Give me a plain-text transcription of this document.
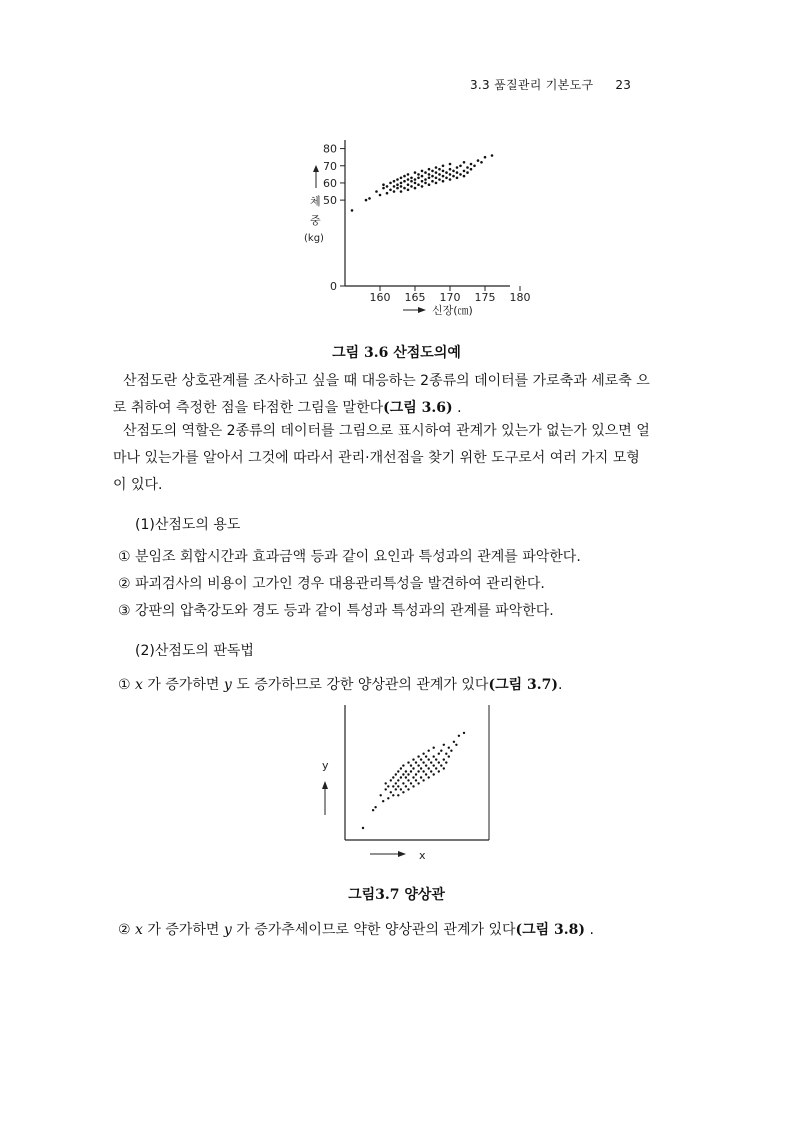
3.3 품질관리 기본도구 23
0
50
60
70
80
160 165 170 175 180
체
중
(kg)
신장(㎝)
그림 3.6 산점도의예
산점도란 상호관계를 조사하고 싶을 때 대응하는 2종류의 데이터를 가로축과 세로축 으
로 취하여 측정한 점을 타점한 그림을 말한다(그림 3.6) .
산점도의 역할은 2종류의 데이터를 그림으로 표시하여 관계가 있는가 없는가 있으면 얼
마나 있는가를 알아서 그것에 따라서 관리·개선점을 찾기 위한 도구로서 여러 가지 모형
이 있다.
(1)산점도의 용도
① 분임조 회합시간과 효과금액 등과 같이 요인과 특성과의 관계를 파악한다.
② 파괴검사의 비용이 고가인 경우 대용관리특성을 발견하여 관리한다.
③ 강판의 압축강도와 경도 등과 같이 특성과 특성과의 관계를 파악한다.
(2)산점도의 판독법
① x 가 증가하면 y 도 증가하므로 강한 양상관의 관계가 있다(그림 3.7).
y
x
그림3.7 양상관
② x 가 증가하면 y 가 증가추세이므로 약한 양상관의 관계가 있다(그림 3.8) .
